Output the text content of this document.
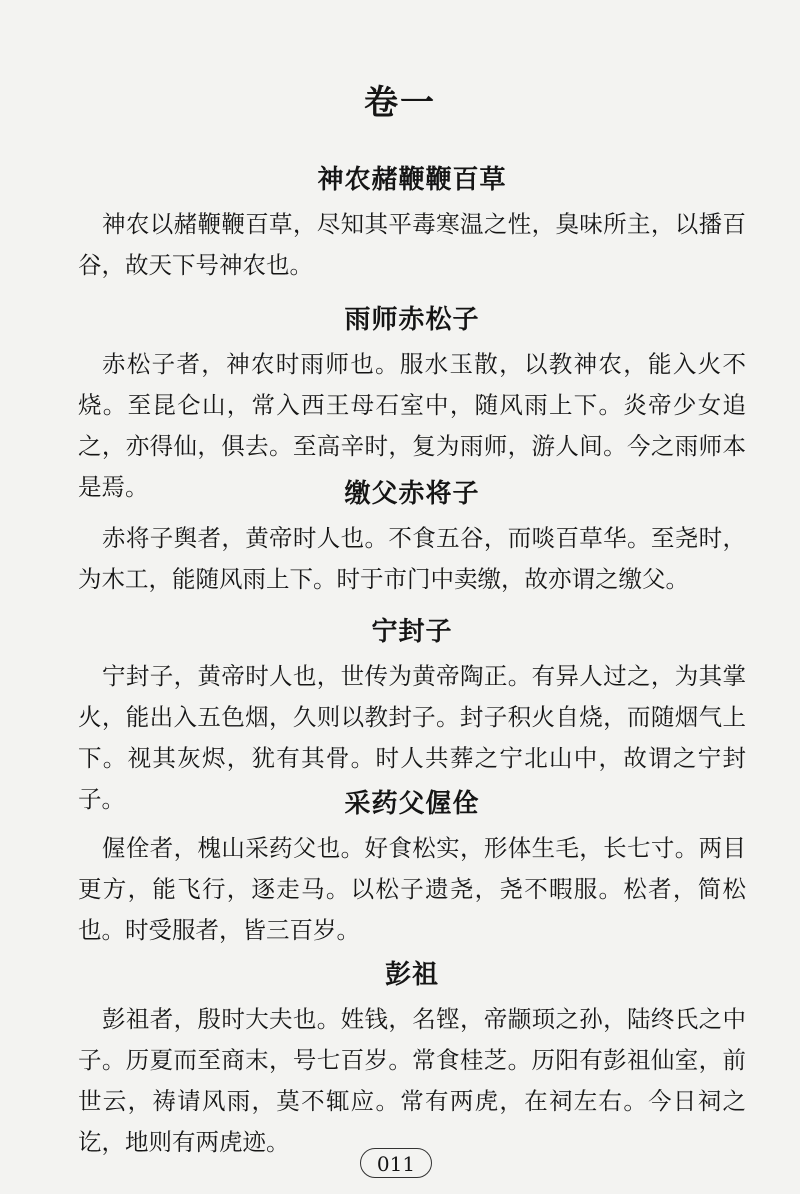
卷一
神农赭鞭鞭百草

神农以赭鞭鞭百草，尽知其平毒寒温之性，臭味所主，以播百谷，故天下号神农也。

雨师赤松子

赤松子者，神农时雨师也。服水玉散，以教神农，能入火不烧。至昆仑山，常入西王母石室中，随风雨上下。炎帝少女追之，亦得仙，俱去。至高辛时，复为雨师，游人间。今之雨师本是焉。	缴父赤将子

赤将子舆者，黄帝时人也。不食五谷，而啖百草华。至尧时，为木工，能随风雨上下。时于市门中卖缴，故亦谓之缴父。

宁封子

宁封子，黄帝时人也，世传为黄帝陶正。有异人过之，为其掌火，能出入五色烟，久则以教封子。封子积火自烧，而随烟气上下。视其灰烬，犹有其骨。时人共葬之宁北山中，故谓之宁封子。	采药父偓佺

偓佺者，槐山采药父也。好食松实，形体生毛，长七寸。两目更方，能飞行，逐走马。以松子遗尧，尧不暇服。松者，简松也。时受服者，皆三百岁。

彭祖

彭祖者，殷时大夫也。姓钱，名铿，帝颛顼之孙，陆终氏之中子。历夏而至商末，号七百岁。常食桂芝。历阳有彭祖仙室，前世云，祷请风雨，莫不辄应。常有两虎，在祠左右。今日祠之讫，地则有两虎迹。

011
